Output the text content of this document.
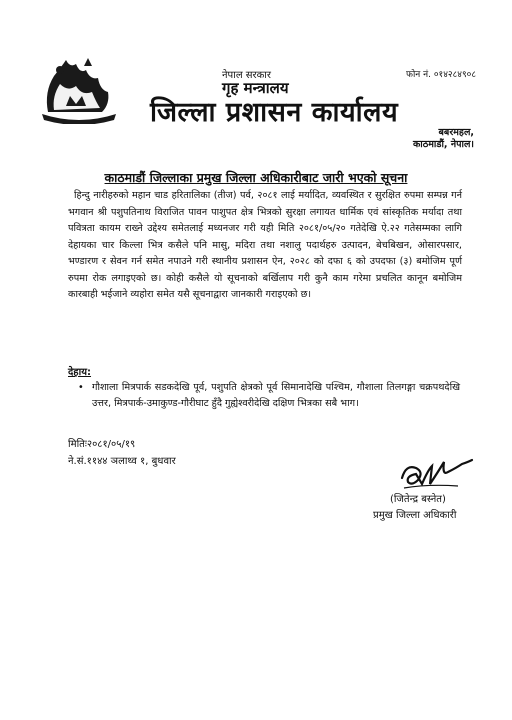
नेपाल सरकार	फोन नं. ०१४२८४९०८
गृह मन्त्रालय
जिल्ला प्रशासन कार्यालय
बबरमहल,
काठमाडौं, नेपाल।
काठमाडौं जिल्लाका प्रमुख जिल्ला अधिकारीबाट जारी भएको सूचना
हिन्दु नारीहरुको महान चाड हरितालिका (तीज) पर्व, २०८१ लाई मर्यादित, व्यवस्थित र सुरक्षित रुपमा सम्पन्न गर्न भगवान श्री पशुपतिनाथ विराजित पावन पाशुपत क्षेत्र भित्रको सुरक्षा लगायत धार्मिक एवं सांस्कृतिक मर्यादा तथा पवित्रता कायम राख्ने उद्देश्य समेतलाई मध्यनजर गरी यही मिति २०८१/०५/२० गतेदेखि ऐ.२२ गतेसम्मका लागि देहायका चार किल्ला भित्र कसैले पनि मासु, मदिरा तथा नशालु पदार्थहरु उत्पादन, बेचबिखन, ओसारपसार, भण्डारण र सेवन गर्न समेत नपाउने गरी स्थानीय प्रशासन ऐन, २०२८ को दफा ६ को उपदफा (३) बमोजिम पूर्ण रुपमा रोक लगाइएको छ। कोही कसैले यो सूचनाको बर्खिलाप गरी कुनै काम गरेमा प्रचलित कानून बमोजिम कारबाही भईजाने व्यहोरा समेत यसै सूचनाद्वारा जानकारी गराइएको छ।
देहाय:
• गौशाला मित्रपार्क सडकदेखि पूर्व, पशुपति क्षेत्रको पूर्व सिमानादेखि पश्चिम, गौशाला तिलगङ्गा चक्रपथदेखि उत्तर, मित्रपार्क-उमाकुण्ड-गौरीघाट हुँदै गुह्येश्वरीदेखि दक्षिण भित्रका सबै भाग।
मितिः२०८१/०५/१९
ने.सं.११४४ ञलाथ्व १, बुधवार
(जितेन्द्र बस्नेत)
प्रमुख जिल्ला अधिकारी
